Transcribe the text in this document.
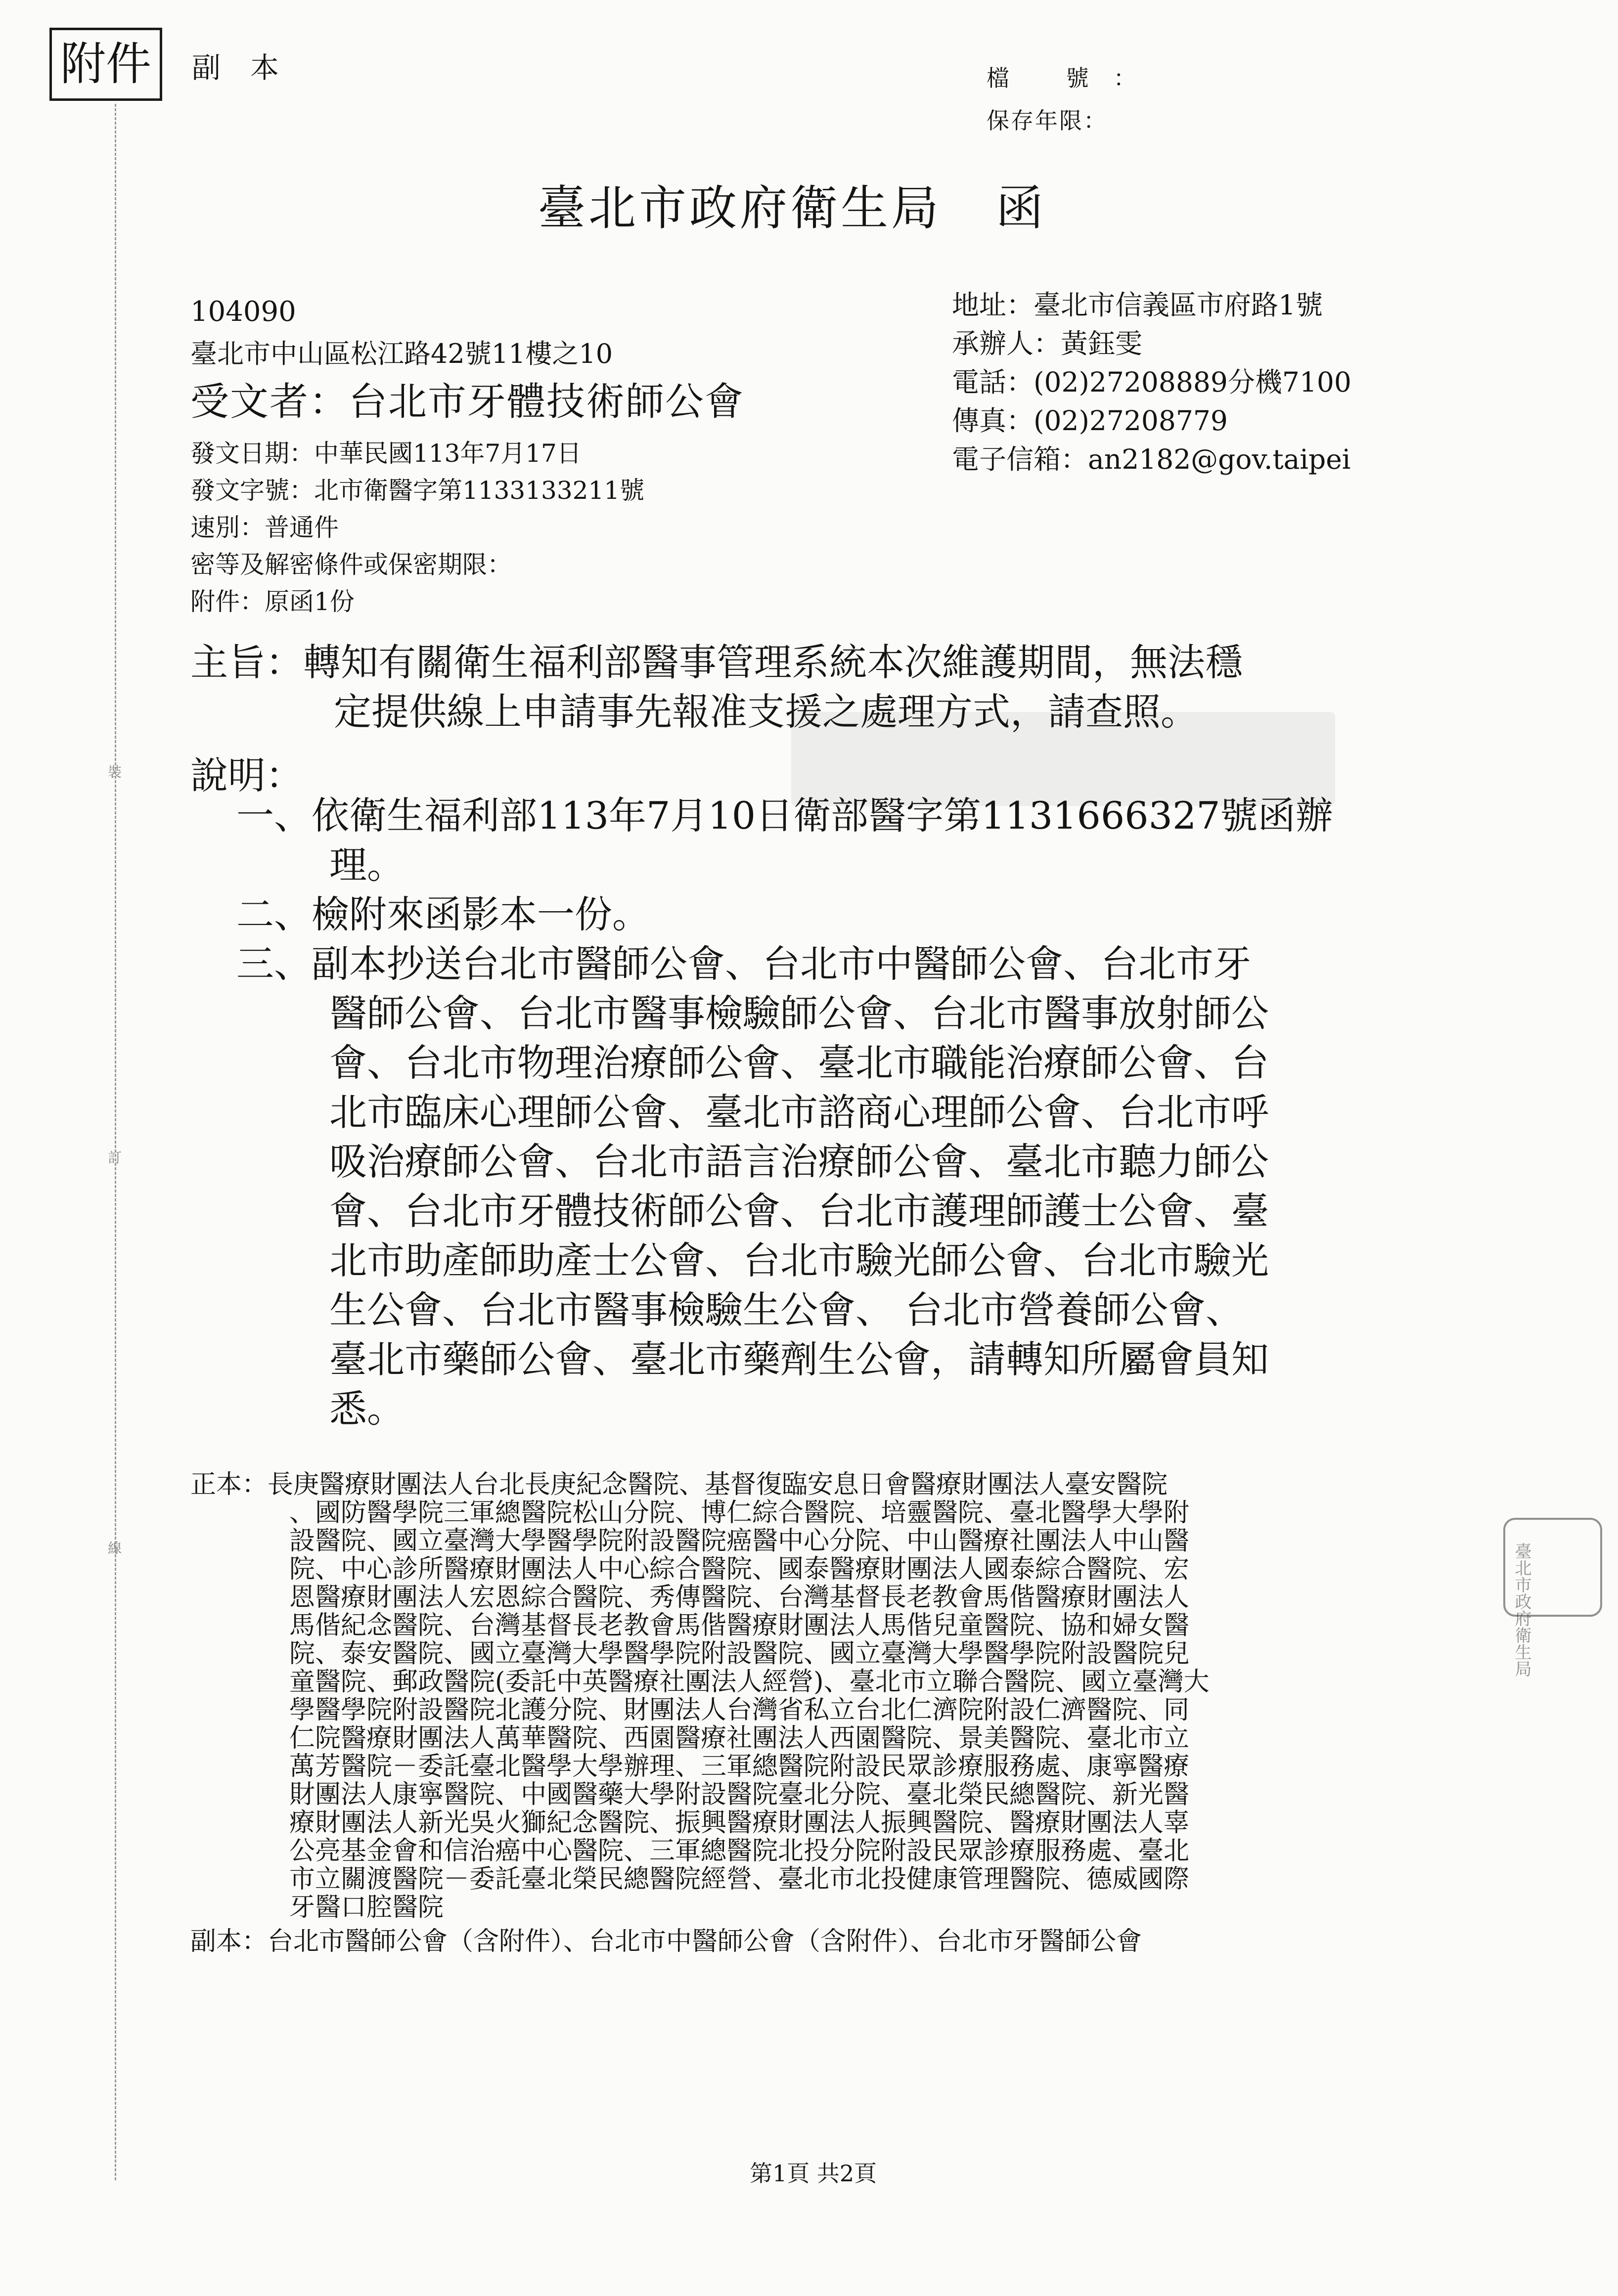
裝
訂
線
附件	副本	檔 號：
保存年限：
臺北市政府衛生局 函
104090
臺北市中山區松江路42號11樓之10
受文者：台北市牙體技術師公會
地址：臺北市信義區市府路1號
承辦人：黃鈺雯
電話：(02)27208889分機7100
傳真：(02)27208779
電子信箱：an2182@gov.taipei
發文日期：中華民國113年7月17日
發文字號：北市衛醫字第1133133211號
速別：普通件
密等及解密條件或保密期限：
附件：原函1份
主旨：轉知有關衛生福利部醫事管理系統本次維護期間，無法穩
定提供線上申請事先報准支援之處理方式，請查照。
說明：
一、依衛生福利部113年7月10日衛部醫字第1131666327號函辦
理。
二、檢附來函影本一份。
三、副本抄送台北市醫師公會、台北市中醫師公會、台北市牙
醫師公會、台北市醫事檢驗師公會、台北市醫事放射師公
會、台北市物理治療師公會、臺北市職能治療師公會、台
北市臨床心理師公會、臺北市諮商心理師公會、台北市呼
吸治療師公會、台北市語言治療師公會、臺北市聽力師公
會、台北市牙體技術師公會、台北市護理師護士公會、臺
北市助產師助產士公會、台北市驗光師公會、台北市驗光
生公會、台北市醫事檢驗生公會、 台北市營養師公會、
臺北市藥師公會、臺北市藥劑生公會，請轉知所屬會員知
悉。
正本：長庚醫療財團法人台北長庚紀念醫院、基督復臨安息日會醫療財團法人臺安醫院
、國防醫學院三軍總醫院松山分院、博仁綜合醫院、培靈醫院、臺北醫學大學附
設醫院、國立臺灣大學醫學院附設醫院癌醫中心分院、中山醫療社團法人中山醫
院、中心診所醫療財團法人中心綜合醫院、國泰醫療財團法人國泰綜合醫院、宏
恩醫療財團法人宏恩綜合醫院、秀傳醫院、台灣基督長老教會馬偕醫療財團法人
馬偕紀念醫院、台灣基督長老教會馬偕醫療財團法人馬偕兒童醫院、協和婦女醫
院、泰安醫院、國立臺灣大學醫學院附設醫院、國立臺灣大學醫學院附設醫院兒
童醫院、郵政醫院(委託中英醫療社團法人經營)、臺北市立聯合醫院、國立臺灣大
學醫學院附設醫院北護分院、財團法人台灣省私立台北仁濟院附設仁濟醫院、同
仁院醫療財團法人萬華醫院、西園醫療社團法人西園醫院、景美醫院、臺北市立
萬芳醫院－委託臺北醫學大學辦理、三軍總醫院附設民眾診療服務處、康寧醫療
財團法人康寧醫院、中國醫藥大學附設醫院臺北分院、臺北榮民總醫院、新光醫
療財團法人新光吳火獅紀念醫院、振興醫療財團法人振興醫院、醫療財團法人辜
公亮基金會和信治癌中心醫院、三軍總醫院北投分院附設民眾診療服務處、臺北
市立關渡醫院－委託臺北榮民總醫院經營、臺北市北投健康管理醫院、德威國際
牙醫口腔醫院
副本：台北市醫師公會（含附件）、台北市中醫師公會（含附件）、台北市牙醫師公會
臺北市政府衛生局
第1頁 共2頁
